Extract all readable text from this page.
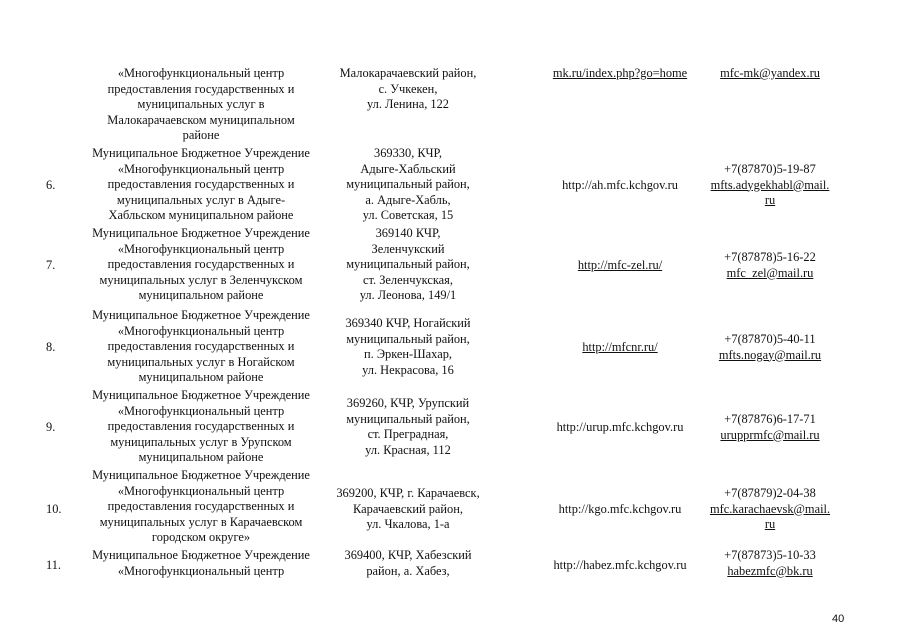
«Многофункциональный центр
предоставления государственных и
муниципальных услуг в
Малокарачаевском муниципальном
районе
Малокарачаевский район,
с. Учкекен,
ул. Ленина, 122
mk.ru/index.php?go=home	mfc-mk@yandex.ru
6.
Муниципальное Бюджетное Учреждение
«Многофункциональный центр
предоставления государственных и
муниципальных услуг в Адыге-
Хабльском муниципальном районе
369330, КЧР,
Адыге-Хабльский
муниципальный район,
а. Адыге-Хабль,
ул. Советская, 15
http://ah.mfc.kchgov.ru
+7(87870)5-19-87
mfts.adygekhabl@mail.
ru
7.
Муниципальное Бюджетное Учреждение
«Многофункциональный центр
предоставления государственных и
муниципальных услуг в Зеленчукском
муниципальном районе
369140 КЧР,
Зеленчукский
муниципальный район,
ст. Зеленчукская,
ул. Леонова, 149/1
http://mfc-zel.ru/
+7(87878)5-16-22
mfc_zel@mail.ru
8.
Муниципальное Бюджетное Учреждение
«Многофункциональный центр
предоставления государственных и
муниципальных услуг в Ногайском
муниципальном районе
369340 КЧР, Ногайский
муниципальный район,
п. Эркен-Шахар,
ул. Некрасова, 16
http://mfcnr.ru/
+7(87870)5-40-11
mfts.nogay@mail.ru
9.
Муниципальное Бюджетное Учреждение
«Многофункциональный центр
предоставления государственных и
муниципальных услуг в Урупском
муниципальном районе
369260, КЧР, Урупский
муниципальный район,
ст. Преградная,
ул. Красная, 112
http://urup.mfc.kchgov.ru
+7(87876)6-17-71
urupprmfc@mail.ru
10.
Муниципальное Бюджетное Учреждение
«Многофункциональный центр
предоставления государственных и
муниципальных услуг в Карачаевском
городском округе»
369200, КЧР, г. Карачаевск,
Карачаевский район,
ул. Чкалова, 1-а
http://kgo.mfc.kchgov.ru
+7(87879)2-04-38
mfc.karachaevsk@mail.
ru
11.
Муниципальное Бюджетное Учреждение
«Многофункциональный центр
369400, КЧР, Хабезский
район, а. Хабез,	http://habez.mfc.kchgov.ru
+7(87873)5-10-33
habezmfc@bk.ru
40
